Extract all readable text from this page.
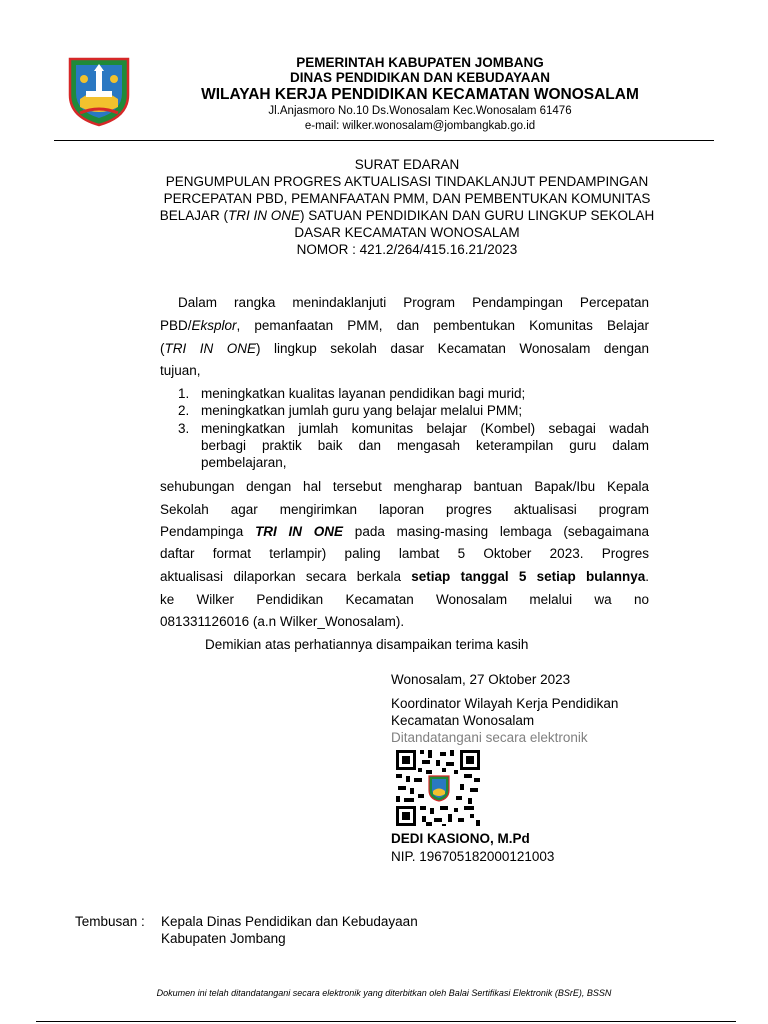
PEMERINTAH KABUPATEN JOMBANG
DINAS PENDIDIKAN DAN KEBUDAYAAN
WILAYAH KERJA PENDIDIKAN KECAMATAN WONOSALAM
Jl.Anjasmoro No.10 Ds.Wonosalam Kec.Wonosalam 61476
e-mail: wilker.wonosalam@jombangkab.go.id
SURAT EDARAN
PENGUMPULAN PROGRES AKTUALISASI TINDAKLANJUT PENDAMPINGAN
PERCEPATAN PBD, PEMANFAATAN PMM, DAN PEMBENTUKAN KOMUNITAS
BELAJAR (TRI IN ONE) SATUAN PENDIDIKAN DAN GURU LINGKUP SEKOLAH
DASAR KECAMATAN WONOSALAM
NOMOR : 421.2/264/415.16.21/2023
Dalam rangka menindaklanjuti Program Pendampingan Percepatan
PBD/Eksplor, pemanfaatan PMM, dan pembentukan Komunitas Belajar
(TRI IN ONE) lingkup sekolah dasar Kecamatan Wonosalam dengan
tujuan,
1. meningkatkan kualitas layanan pendidikan bagi murid;
2. meningkatkan jumlah guru yang belajar melalui PMM;
3. meningkatkan jumlah komunitas belajar (Kombel) sebagai wadah
berbagi praktik baik dan mengasah keterampilan guru dalam
pembelajaran,
sehubungan dengan hal tersebut mengharap bantuan Bapak/Ibu Kepala
Sekolah agar mengirimkan laporan progres aktualisasi program
Pendampinga TRI IN ONE pada masing-masing lembaga (sebagaimana
daftar format terlampir) paling lambat 5 Oktober 2023. Progres
aktualisasi dilaporkan secara berkala setiap tanggal 5 setiap bulannya.
ke Wilker Pendidikan Kecamatan Wonosalam melalui wa no
081331126016 (a.n Wilker_Wonosalam).
Demikian atas perhatiannya disampaikan terima kasih
Wonosalam, 27 Oktober 2023
Koordinator Wilayah Kerja Pendidikan
Kecamatan Wonosalam
Ditandatangani secara elektronik
DEDI KASIONO, M.Pd
NIP. 196705182000121003
Tembusan : Kepala Dinas Pendidikan dan Kebudayaan
Kabupaten Jombang
Dokumen ini telah ditandatangani secara elektronik yang diterbitkan oleh Balai Sertifikasi Elektronik (BSrE), BSSN
